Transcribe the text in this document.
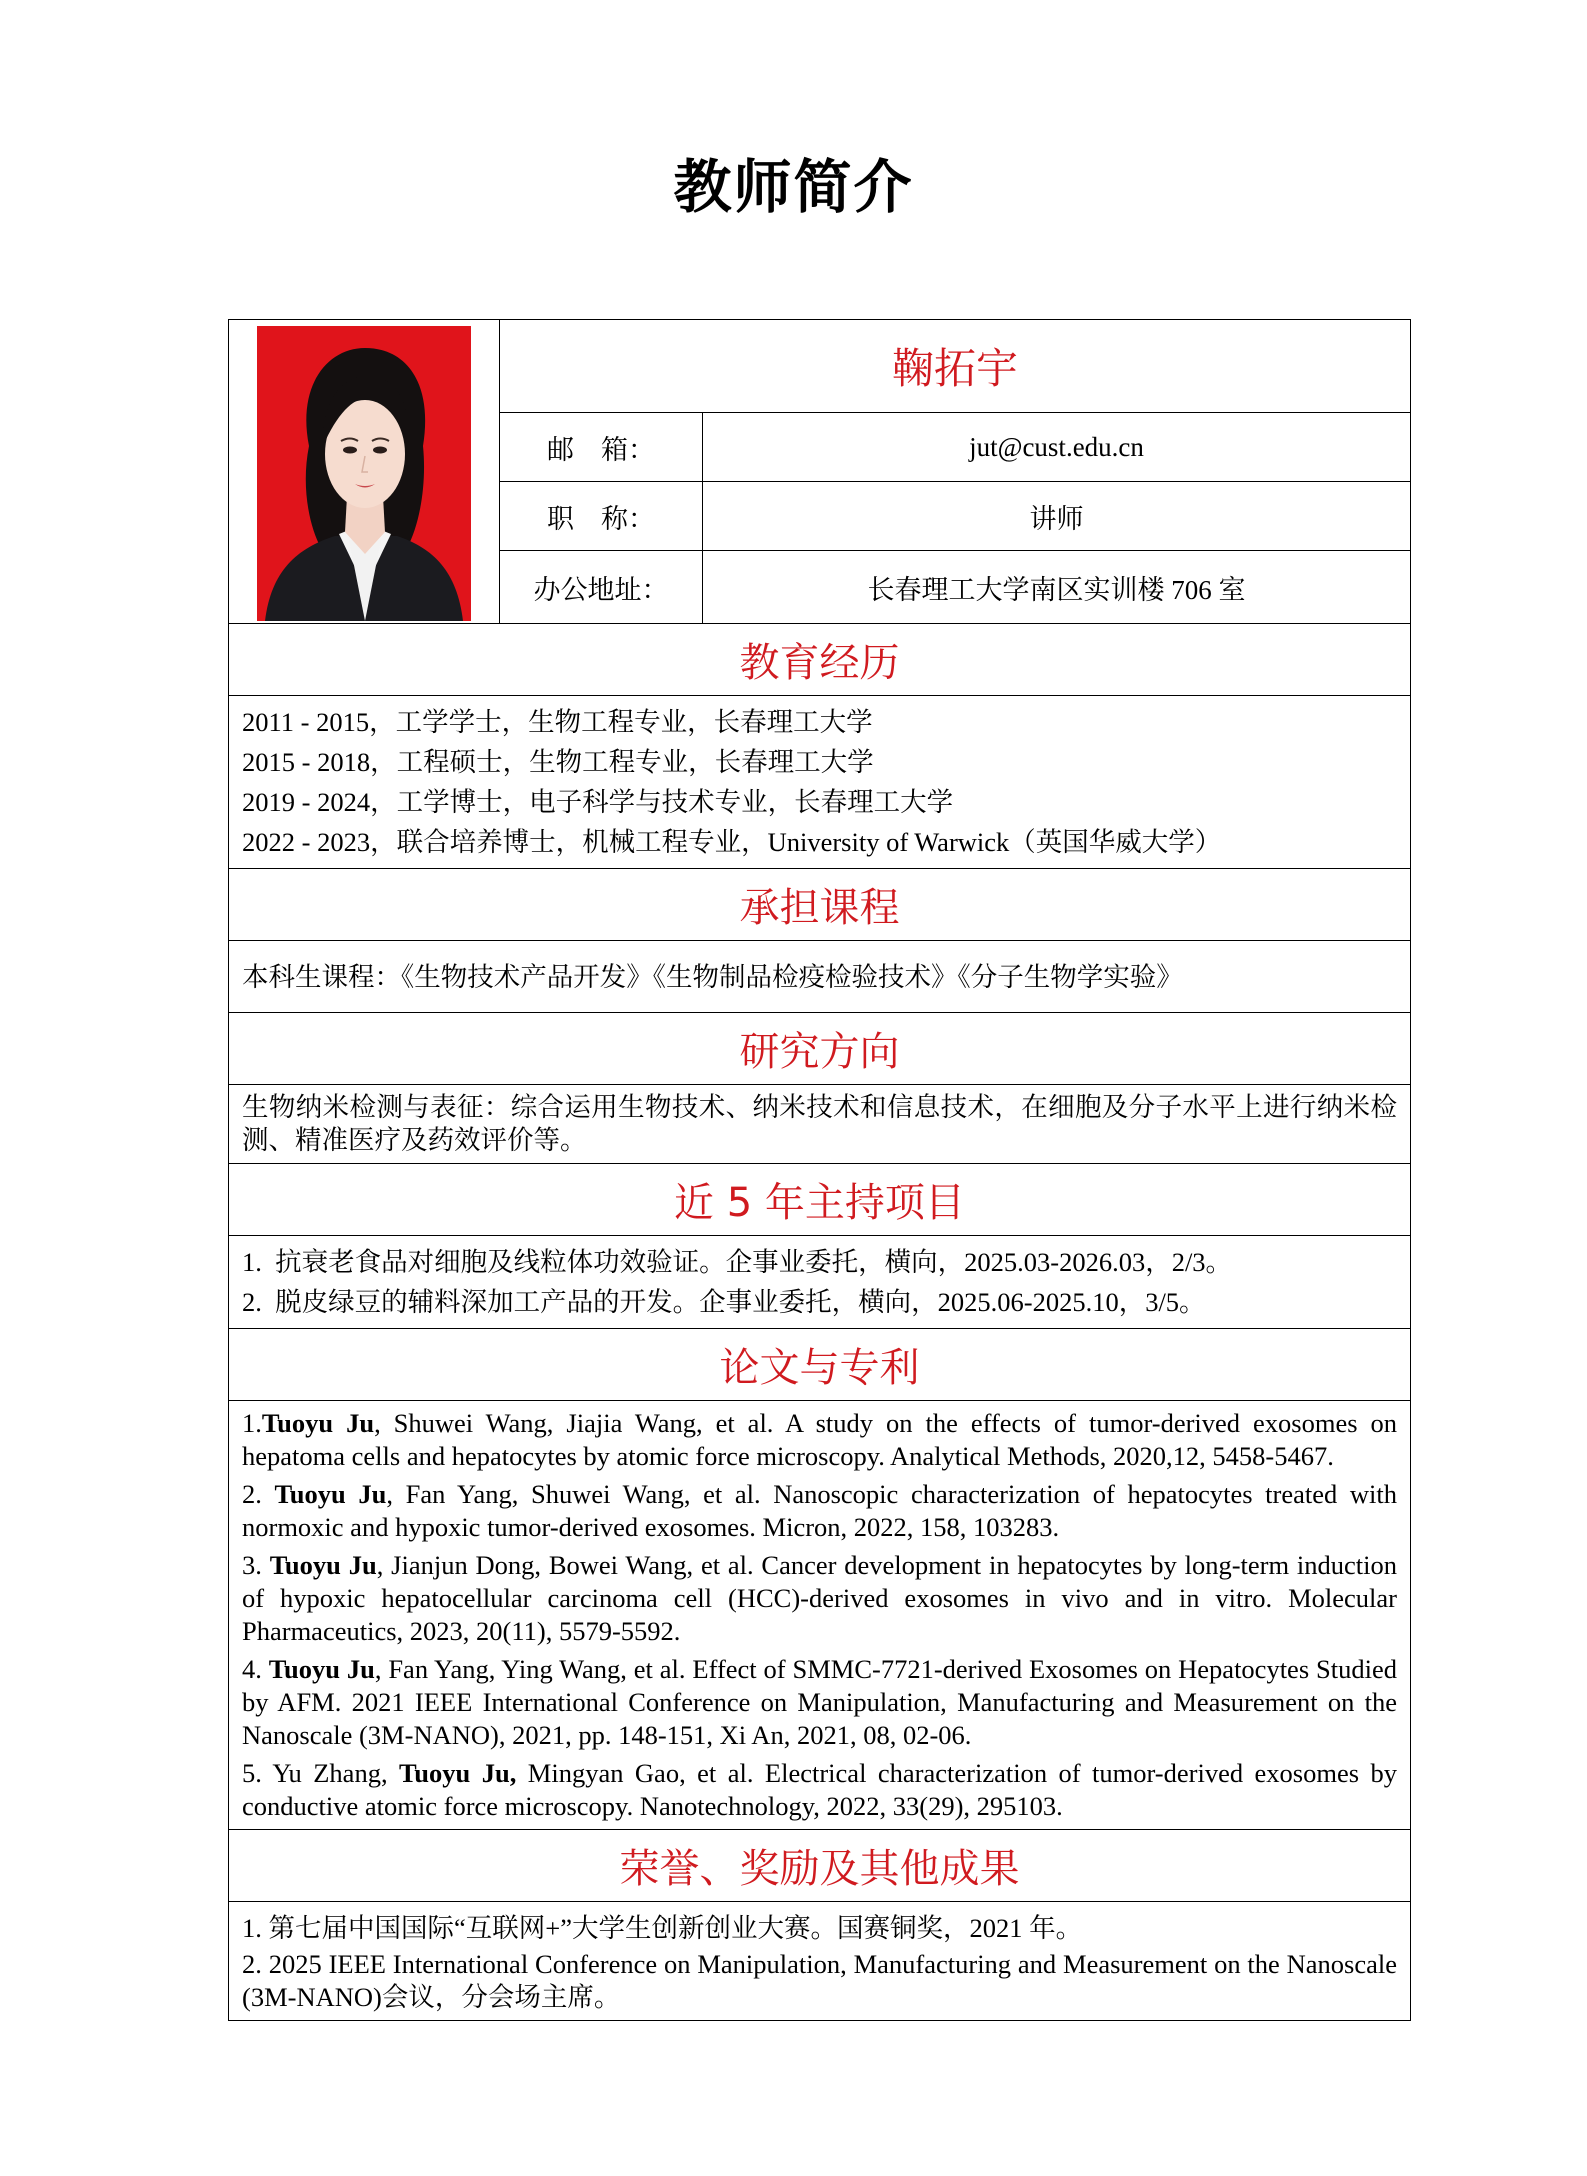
教师简介
	鞠拓宇	
	邮　箱：	jut@cust.edu.cn
	职　称：	讲师
	办公地址：	长春理工大学南区实训楼 706 室
教育经历		

2011 - 2015，工学学士，生物工程专业，长春理工大学

2015 - 2018，工程硕士，生物工程专业，长春理工大学

2019 - 2024，工学博士，电子科学与技术专业，长春理工大学

2022 - 2023，联合培养博士，机械工程专业，University of Warwick（英国华威大学）		

承担课程		
本科生课程：《生物技术产品开发》《生物制品检疫检验技术》《分子生物学实验》		
研究方向		

生物纳米检测与表征：综合运用生物技术、纳米技术和信息技术，在细胞及分子水平上进行纳米检测、精准医疗及药效评价等。		

近 5 年主持项目		

1.  抗衰老食品对细胞及线粒体功效验证。企事业委托，横向，2025.03-2026.03，2/3。

2.  脱皮绿豆的辅料深加工产品的开发。企事业委托，横向，2025.06-2025.10，3/5。		

论文与专利		

1.Tuoyu Ju, Shuwei Wang, Jiajia Wang, et al. A study on the effects of tumor-derived exosomes on hepatoma cells and hepatocytes by atomic force microscopy. Analytical Methods, 2020,12, 5458-5467.

2. Tuoyu Ju, Fan Yang, Shuwei Wang, et al. Nanoscopic characterization of hepatocytes treated with normoxic and hypoxic tumor-derived exosomes. Micron, 2022, 158, 103283.

3. Tuoyu Ju, Jianjun Dong, Bowei Wang, et al. Cancer development in hepatocytes by long-term induction of hypoxic hepatocellular carcinoma cell (HCC)-derived exosomes in vivo and in vitro. Molecular Pharmaceutics, 2023, 20(11), 5579-5592.

4. Tuoyu Ju, Fan Yang, Ying Wang, et al. Effect of SMMC-7721-derived Exosomes on Hepatocytes Studied by AFM. 2021 IEEE International Conference on Manipulation, Manufacturing and Measurement on the Nanoscale (3M-NANO), 2021, pp. 148-151, Xi An, 2021, 08, 02-06.

5. Yu Zhang, Tuoyu Ju, Mingyan Gao, et al. Electrical characterization of tumor-derived exosomes by conductive atomic force microscopy. Nanotechnology, 2022, 33(29), 295103.		

荣誉、奖励及其他成果		

1. 第七届中国国际“互联网+”大学生创新创业大赛。国赛铜奖，2021 年。

2. 2025 IEEE International Conference on Manipulation, Manufacturing and Measurement on the Nanoscale (3M-NANO)会议，分会场主席。		
